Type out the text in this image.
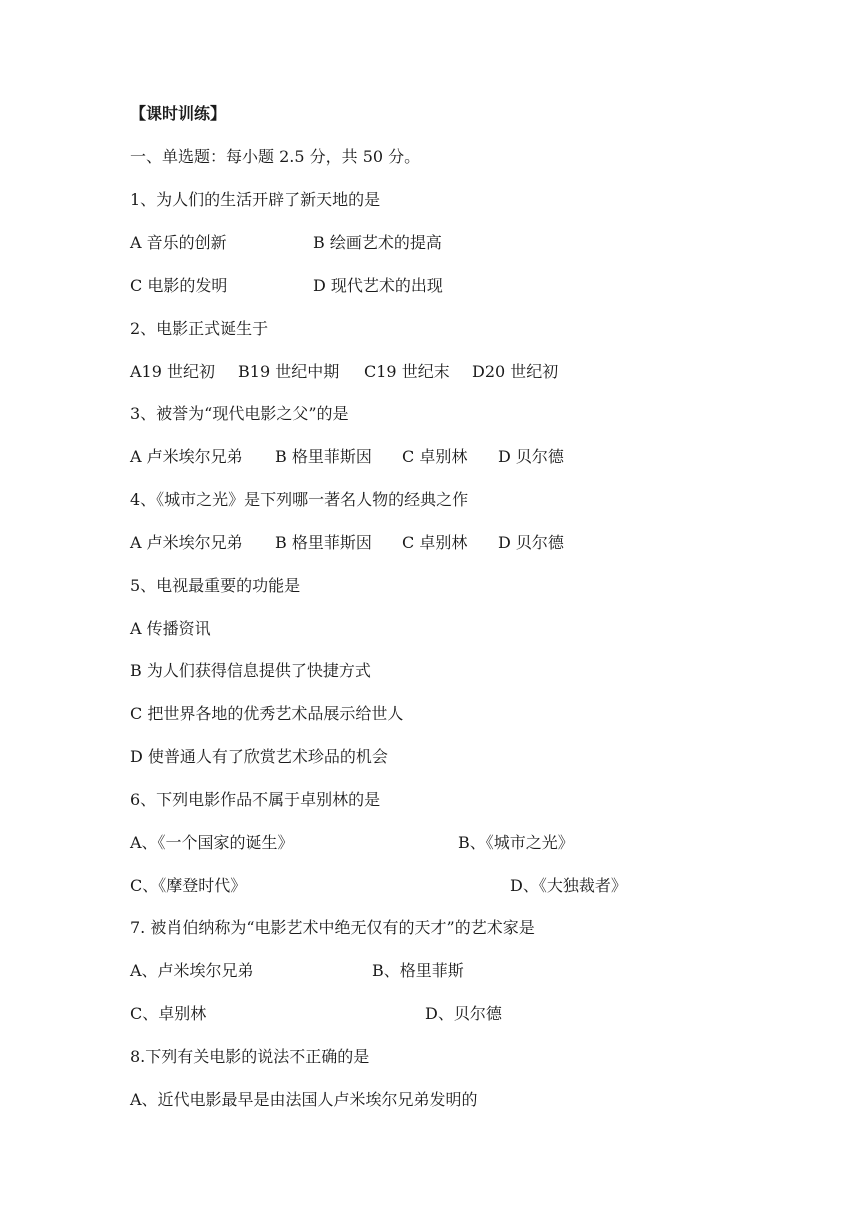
【课时训练】
一、单选题：每小题 2.5 分，共 50 分。
1、为人们的生活开辟了新天地的是
A 音乐的创新	B 绘画艺术的提高
C 电影的发明	D 现代艺术的出现
2、电影正式诞生于
A19 世纪初 B19 世纪中期 C19 世纪末 D20 世纪初
3、被誉为“现代电影之父”的是
A 卢米埃尔兄弟 B 格里菲斯因 C 卓别林 D 贝尔德
4、《城市之光》是下列哪一著名人物的经典之作
A 卢米埃尔兄弟 B 格里菲斯因 C 卓别林 D 贝尔德
5、电视最重要的功能是
A 传播资讯
B 为人们获得信息提供了快捷方式
C 把世界各地的优秀艺术品展示给世人
D 使普通人有了欣赏艺术珍品的机会
6、下列电影作品不属于卓别林的是
A、《一个国家的诞生》	B、《城市之光》
C、《摩登时代》	D、《大独裁者》
7. 被肖伯纳称为“电影艺术中绝无仅有的天才”的艺术家是
A、卢米埃尔兄弟	B、格里菲斯
C、卓别林	D、贝尔德
8.下列有关电影的说法不正确的是
A、近代电影最早是由法国人卢米埃尔兄弟发明的
